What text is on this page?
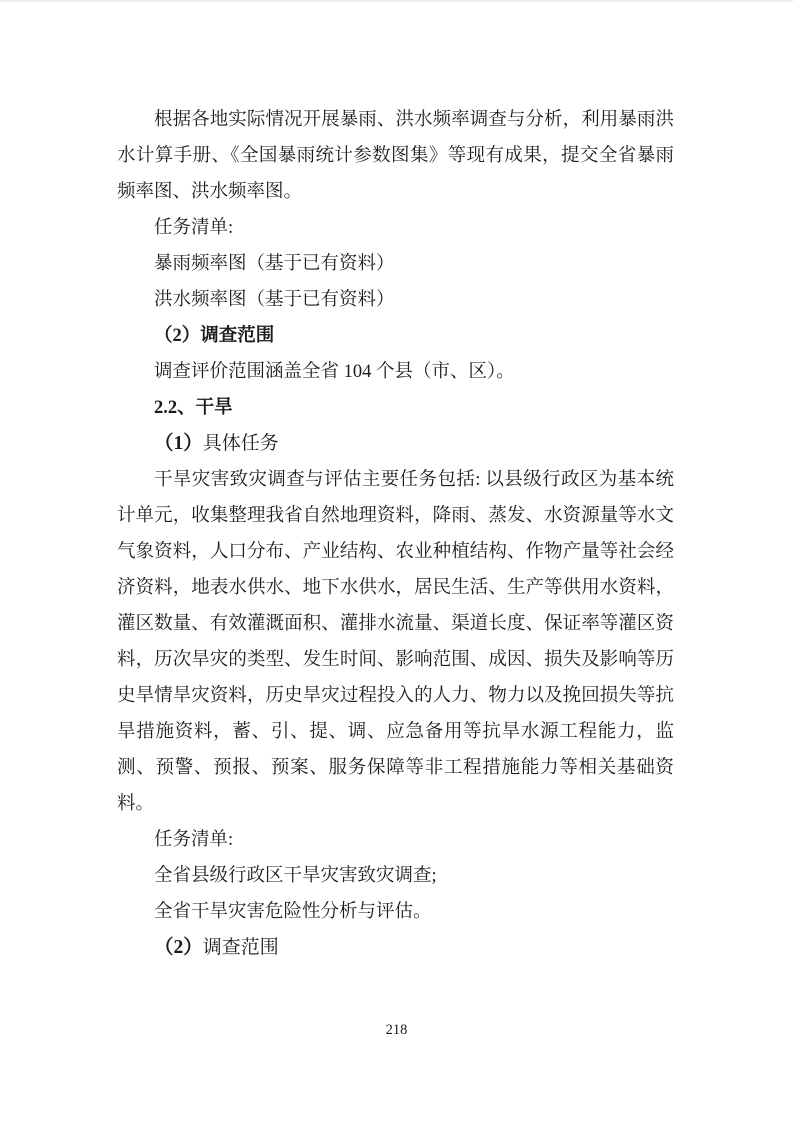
根据各地实际情况开展暴雨、洪水频率调查与分析，利用暴雨洪水计算手册、《全国暴雨统计参数图集》等现有成果，提交全省暴雨频率图、洪水频率图。

任务清单:

暴雨频率图（基于已有资料）

洪水频率图（基于已有资料）

（2）调查范围

调查评价范围涵盖全省 104 个县（市、区）。

2.2、干旱

（1）具体任务

干旱灾害致灾调查与评估主要任务包括: 以县级行政区为基本统计单元，收集整理我省自然地理资料，降雨、蒸发、水资源量等水文气象资料，人口分布、产业结构、农业种植结构、作物产量等社会经济资料，地表水供水、地下水供水，居民生活、生产等供用水资料，灌区数量、有效灌溉面积、灌排水流量、渠道长度、保证率等灌区资料，历次旱灾的类型、发生时间、影响范围、成因、损失及影响等历史旱情旱灾资料，历史旱灾过程投入的人力、物力以及挽回损失等抗旱措施资料，蓄、引、提、调、应急备用等抗旱水源工程能力，监测、预警、预报、预案、服务保障等非工程措施能力等相关基础资料。

任务清单:

全省县级行政区干旱灾害致灾调查;

全省干旱灾害危险性分析与评估。

（2）调查范围

218
